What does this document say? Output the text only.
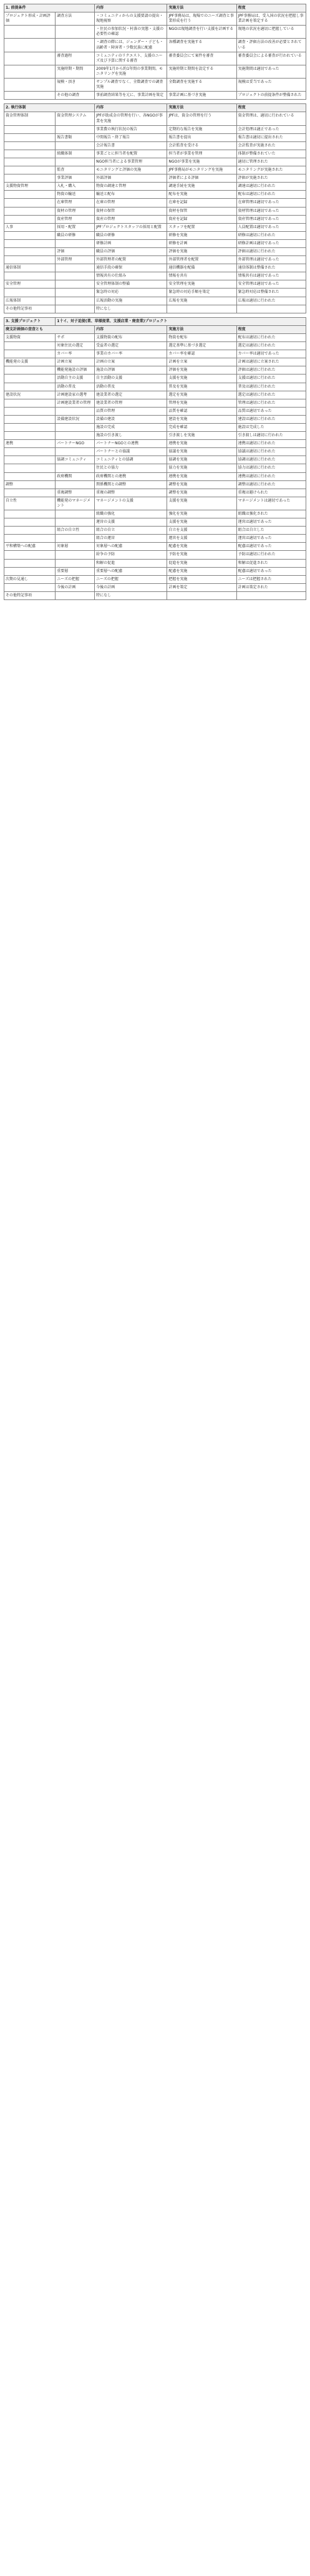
1. 前提条件		内容	実施方法	程度
プロジェクト形成・計画評価	調査方法	・コミュニティからの支援要請の提出・現地視察	JPF事務局は、現場でのニーズ調査と事業形成を行う	JPF事務局は、受入国の状況を把握し事業計画を策定する
		・住民の参加状況・村落の実態・支援の必要性の確認	NGOは現地調査を行い支援を計画する	現地の状況を適切に把握している
		・調査の際には、ジェンダー・子ども・高齢者・障害者・少数民族に配慮	各種調査を実施する	調査・評価方法の改善が必要とされている
	審査過程	コミュニティのリクエスト、支援のニーズ及び予算に関する審査	審査委員会にて案件を審査	審査委員会による審査が行われている
	実施時期・期間	2009年1月から約1年間の事業期間。モニタリングを実施	実施時期と期間を設定する	実施期間は適切であった
	規模・頂き	サンプル調査でなく、全数調査での調査実施	全数調査を実施する	規模は妥当であった
	その他の調査	事前調査結果等を元に、事業計画を策定	事業計画に基づき実施	プロジェクトの前提条件が整備された
2. 執行体制		内容	実施方法	程度
資金管理体制	資金管理システム	JPFが助成金の管理を行い、各NGOが事業を実施	JPFは、資金の管理を行う	資金管理は、適切に行われている
		事業費の執行状況の報告	定期的な報告を実施	会計処理は適正であった
	報告書類	中間報告・終了報告	報告書を提出	報告書は適切に提出された
		会計報告書	会計監査を受ける	会計監査が実施された
	組織体制	事業ごとに担当者を配置	担当者が事業を管理	体制が整備されていた
		NGO担当者による事業管理	NGOが事業を実施	適切に管理された
	監査	モニタリングと評価の実施	JPF事務局がモニタリングを実施	モニタリングが実施された
	事業評価	外部評価	評価者による評価	評価が実施された
支援物資管理	入札・購入	物資の調達と管理	調達手続を実施	調達は適切に行われた
	物資の輸送	輸送と配布	配布を実施	配布は適切に行われた
	在庫管理	在庫の管理	在庫を記録	在庫管理は適切であった
	資材の管理	資材の保管	資材を保管	資材管理は適切であった
	資産管理	資産の管理	資産を記録	資産管理は適切であった
人事	採用・配置	JPFプロジェクトスタッフの採用と配置	スタッフを配置	人員配置は適切であった
	職員の研修	職員の研修	研修を実施	研修は適切に行われた
		研修計画	研修を計画	研修計画は適切であった
	評価	職員の評価	評価を実施	評価は適切に行われた
	外部管理	外部管理者の配置	外部管理者を配置	外部管理は適切であった
通信体制		通信手段の確保	通信機器を配備	通信体制は整備された
		情報共有の仕組み	情報を共有	情報共有は適切であった
安全管理		安全管理体制の整備	安全管理を実施	安全管理は適切であった
		緊急時の対応	緊急時の対応手順を策定	緊急時対応は整備された
広報体制		広報活動の実施	広報を実施	広報は適切に行われた
その他特記事項		特になし		
3. 支援プロジェクト	1十イ、対子迫提(業、草様提業、支援店業・廃査業)プロジェクト			
廃支計画価の査査とも		内容	実施方法	程度
支援物資	サポ	支援物資の配布	物資を配布	配布は適切に行われた
	対象住民の選定	受益者の選定	選定基準に基づき選定	選定は適切に行われた
	カバー率	事業のカバー率	カバー率を確認	カバー率は適切であった
機能発の支援	計画立案	計画の立案	計画を立案	計画は適切に立案された
	機能発施設の評価	施設の評価	評価を実施	評価は適切に行われた
	活動自主の支援	自主活動の支援	支援を実施	支援は適切に行われた
	活動の普及	活動の普及	普及を実施	普及は適切に行われた
建設状況	計画建設家の選考	建設業者の選定	選定を実施	選定は適切に行われた
	計画建設業者の管理	建設業者の管理	管理を実施	管理は適切に行われた
		品質の管理	品質を確認	品質は適切であった
	設備建設状況	設備の建設	建設を実施	建設は適切に行われた
		施設の完成	完成を確認	施設は完成した
		施設の引き渡し	引き渡しを実施	引き渡しは適切に行われた
連携	パートナーNGO	パートナーNGOとの連携	連携を実施	連携は適切に行われた
		パートナーとの協議	協議を実施	協議は適切に行われた
	協調コミュニティ	コミュニティとの協調	協調を実施	協調は適切に行われた
		住民との協力	協力を実施	協力は適切に行われた
	政府機関	政府機関との連携	連携を実施	連携は適切に行われた
調整		関係機関との調整	調整を実施	調整は適切に行われた
	重複調整	重複の調整	調整を実施	重複は避けられた
自立性	機能発のマネージメント	マネージメントの支援	支援を実施	マネージメントは適切であった
		組織の強化	強化を実施	組織は強化された
		運営の支援	支援を実施	運営は適切であった
	組合の自立性	組合の自立	自立を支援	組合は自立した
		組合の運営	運営を支援	運営は適切であった
平和構築への配慮	対象層	対象層への配慮	配慮を実施	配慮は適切であった
		紛争の予防	予防を実施	予防は適切に行われた
		和解の促進	促進を実施	和解は促進された
	重要層	重要層への配慮	配慮を実施	配慮は適切であった
次期の見通し	ニーズの把握	ニーズの把握	把握を実施	ニーズは把握された
	今後の計画	今後の計画	計画を策定	計画は策定された
その他特記事項		特になし		
